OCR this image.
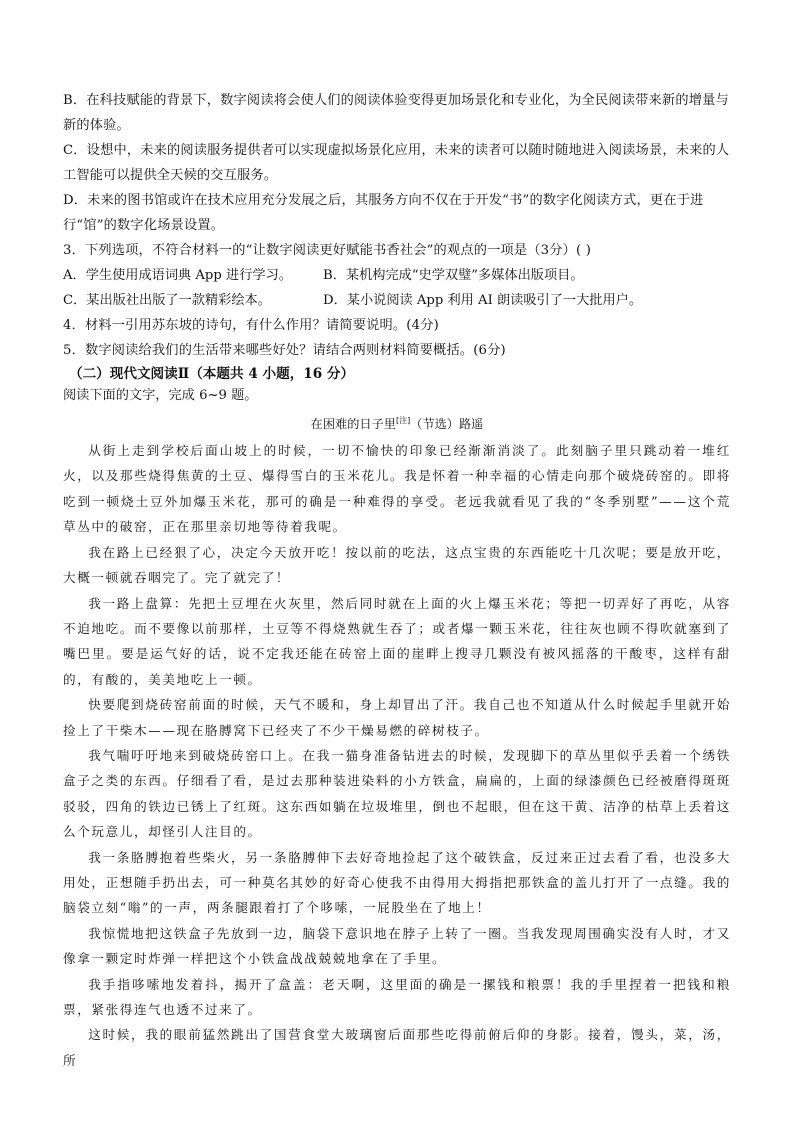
B．在科技赋能的背景下，数字阅读将会使人们的阅读体验变得更加场景化和专业化，为全民阅读带来新的增量与新的体验。

C．设想中，未来的阅读服务提供者可以实现虚拟场景化应用，未来的读者可以随时随地进入阅读场景，未来的人工智能可以提供全天候的交互服务。

D．未来的图书馆或许在技术应用充分发展之后，其服务方向不仅在于开发“书”的数字化阅读方式，更在于进行“馆”的数字化场景设置。

3．下列选项，不符合材料一的“让数字阅读更好赋能书香社会”的观点的一项是（3分）( )

A．学生使用成语词典 App 进行学习。	B．某机构完成“史学双璧”多媒体出版项目。
C．某出版社出版了一款精彩绘本。	D．某小说阅读 App 利用 AI 朗读吸引了一大批用户。

4．材料一引用苏东坡的诗句，有什么作用？请简要说明。(4分)

5．数字阅读给我们的生活带来哪些好处？请结合两则材料简要概括。(6分)

（二）现代文阅读Ⅱ（本题共 4 小题，16 分）

阅读下面的文字，完成 6~9 题。

在困难的日子里[注]（节选）路遥

从街上走到学校后面山坡上的时候，一切不愉快的印象已经渐渐消淡了。此刻脑子里只跳动着一堆红火，以及那些烧得焦黄的土豆、爆得雪白的玉米花儿。我是怀着一种幸福的心情走向那个破烧砖窑的。即将吃到一顿烧土豆外加爆玉米花，那可的确是一种难得的享受。老远我就看见了我的“冬季别墅”——这个荒草丛中的破窑，正在那里亲切地等待着我呢。

我在路上已经狠了心，决定今天放开吃！按以前的吃法，这点宝贵的东西能吃十几次呢；要是放开吃，大概一顿就吞咽完了。完了就完了！

我一路上盘算：先把土豆埋在火灰里，然后同时就在上面的火上爆玉米花；等把一切弄好了再吃，从容不迫地吃。而不要像以前那样，土豆等不得烧熟就生吞了；或者爆一颗玉米花，往往灰也顾不得吹就塞到了嘴巴里。要是运气好的话，说不定我还能在砖窑上面的崖畔上搜寻几颗没有被风摇落的干酸枣，这样有甜的，有酸的，美美地吃上一顿。

快要爬到烧砖窑前面的时候，天气不暖和，身上却冒出了汗。我自己也不知道从什么时候起手里就开始捡上了干柴木——现在胳膊窝下已经夹了不少干燥易燃的碎树枝子。

我气喘吁吁地来到破烧砖窑口上。在我一猫身准备钻进去的时候，发现脚下的草丛里似乎丢着一个绣铁盒子之类的东西。仔细看了看，是过去那种装进染料的小方铁盒，扁扁的，上面的绿漆颜色已经被磨得斑斑驳驳，四角的铁边已锈上了红斑。这东西如躺在垃圾堆里，倒也不起眼，但在这干黄、洁净的枯草上丢着这么个玩意儿，却怪引人注目的。

我一条胳膊抱着些柴火，另一条胳膊伸下去好奇地捡起了这个破铁盒，反过来正过去看了看，也没多大用处，正想随手扔出去，可一种莫名其妙的好奇心使我不由得用大拇指把那铁盒的盖儿打开了一点缝。我的脑袋立刻“嗡”的一声，两条腿跟着打了个哆嗦，一屁股坐在了地上！

我惊慌地把这铁盒子先放到一边，脑袋下意识地在脖子上转了一圈。当我发现周围确实没有人时，才又像拿一颗定时炸弹一样把这个小铁盒战战兢兢地拿在了手里。

我手指哆嗦地发着抖，揭开了盒盖：老天啊，这里面的确是一摞钱和粮票！我的手里捏着一把钱和粮票，紧张得连气也透不过来了。

这时候，我的眼前猛然跳出了国营食堂大玻璃窗后面那些吃得前俯后仰的身影。接着，馒头，菜，汤，所
